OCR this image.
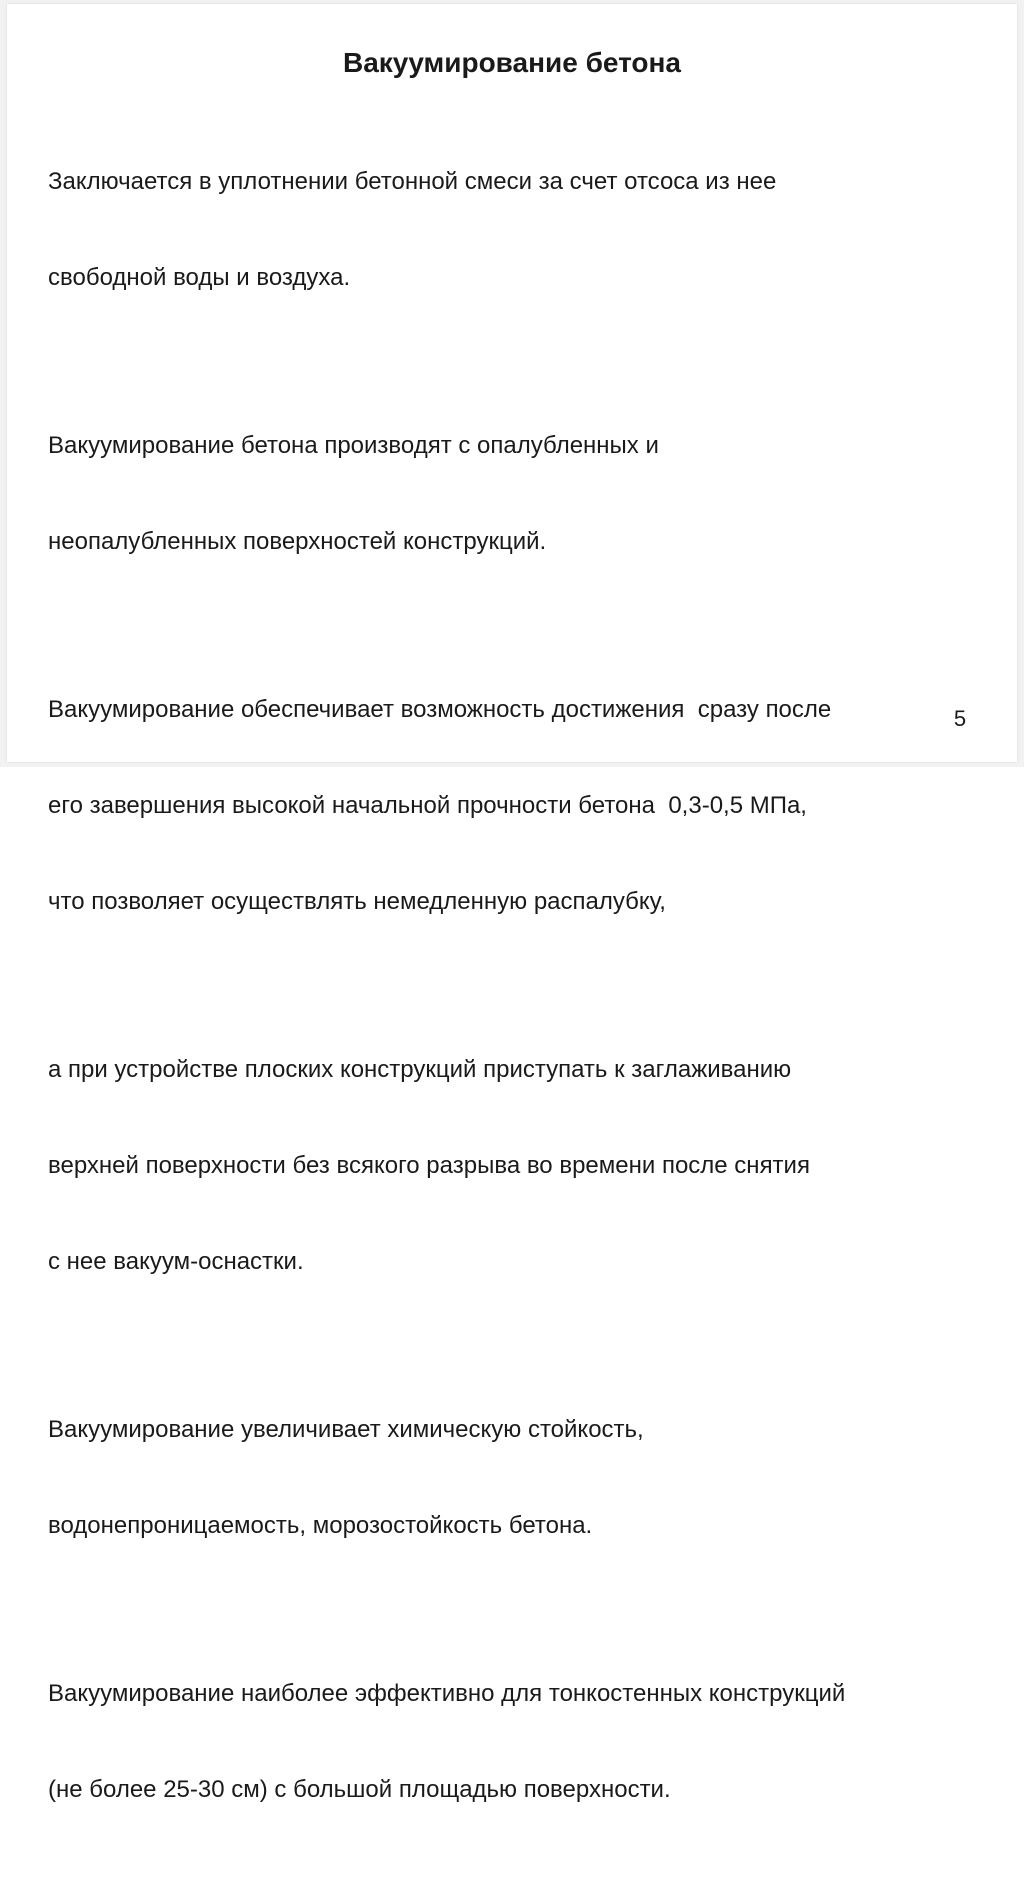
Вакуумирование бетона

Заключается в уплотнении бетонной смеси за счет отсоса из нее

свободной воды и воздуха.

Вакуумирование бетона производят с опалубленных и

неопалубленных поверхностей конструкций.

Вакуумирование обеспечивает возможность достижения  сразу после

его завершения высокой начальной прочности бетона  0,3-0,5 МПа,

что позволяет осуществлять немедленную распалубку,

а при устройстве плоских конструкций приступать к заглаживанию

верхней поверхности без всякого разрыва во времени после снятия

с нее вакуум-оснастки.

Вакуумирование увеличивает химическую стойкость,

водонепроницаемость, морозостойкость бетона.

Вакуумирование наиболее эффективно для тонкостенных конструкций

(не более 25-30 см) с большой площадью поверхности.

5
